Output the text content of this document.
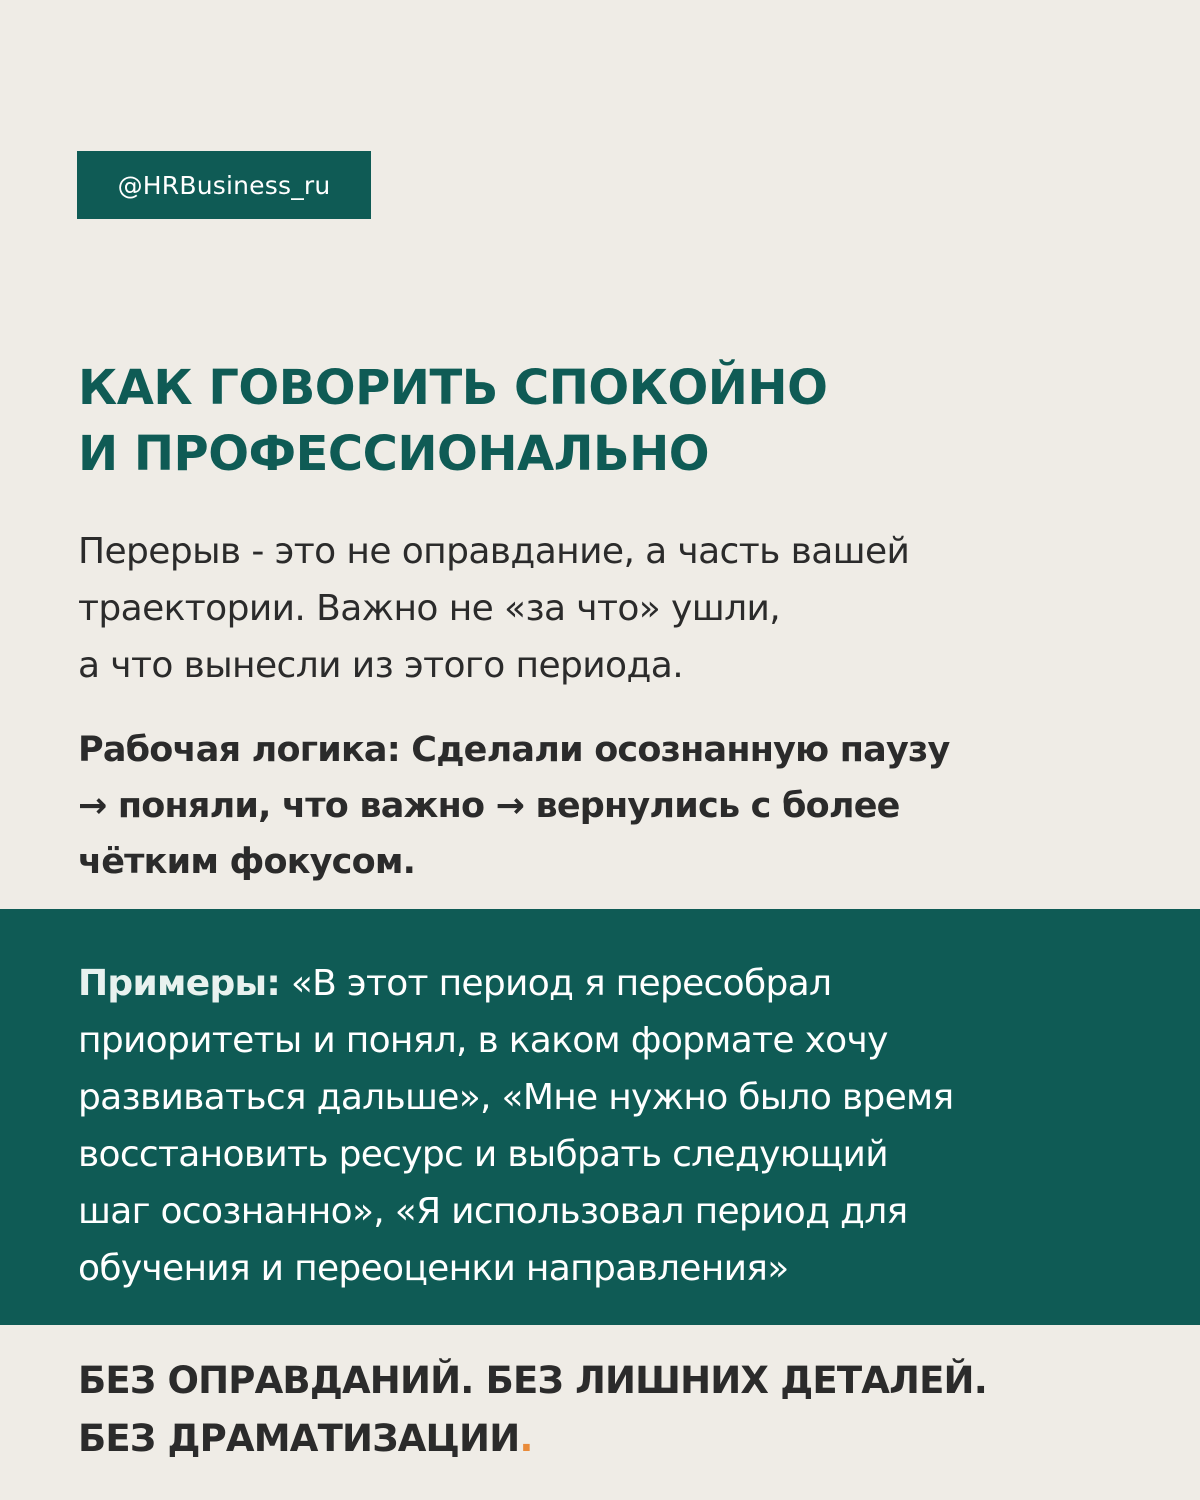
@HRBusiness_ru
КАК ГОВОРИТЬ СПОКОЙНО
И ПРОФЕССИОНАЛЬНО

Перерыв - это не оправдание, а часть вашей
траектории. Важно не «за что» ушли,
а что вынесли из этого периода.

Рабочая логика: Сделали осознанную паузу
→ поняли, что важно → вернулись с более
чётким фокусом.

Примеры: «В этот период я пересобрал
приоритеты и понял, в каком формате хочу
развиваться дальше», «Мне нужно было время
восстановить ресурс и выбрать следующий
шаг осознанно», «Я использовал период для
обучения и переоценки направления»

БЕЗ ОПРАВДАНИЙ. БЕЗ ЛИШНИХ ДЕТАЛЕЙ.
БЕЗ ДРАМАТИЗАЦИИ.
